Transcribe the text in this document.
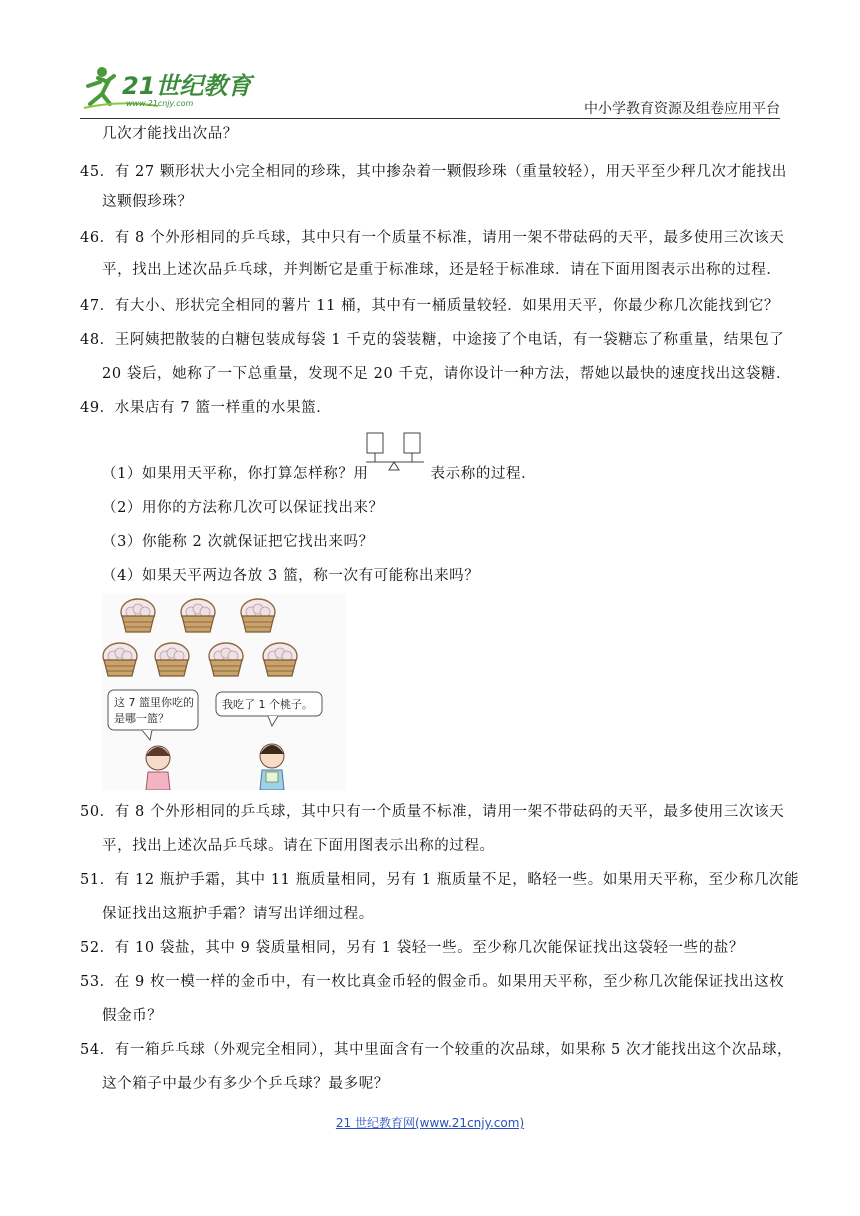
21世纪教育
www.21cnjy.com	中小学教育资源及组卷应用平台
几次才能找出次品？
45．有 27 颗形状大小完全相同的珍珠，其中掺杂着一颗假珍珠（重量较轻），用天平至少秤几次才能找出
这颗假珍珠？
46．有 8 个外形相同的乒乓球，其中只有一个质量不标准，请用一架不带砝码的天平，最多使用三次该天
平，找出上述次品乒乓球，并判断它是重于标准球，还是轻于标准球．请在下面用图表示出称的过程．
47．有大小、形状完全相同的薯片 11 桶，其中有一桶质量较轻．如果用天平，你最少称几次能找到它？
48．王阿姨把散装的白糖包装成每袋 1 千克的袋装糖，中途接了个电话，有一袋糖忘了称重量，结果包了
20 袋后，她称了一下总重量，发现不足 20 千克，请你设计一种方法，帮她以最快的速度找出这袋糖．
49．水果店有 7 篮一样重的水果篮．
（1）如果用天平称，你打算怎样称？用	表示称的过程．
（2）用你的方法称几次可以保证找出来？
（3）你能称 2 次就保证把它找出来吗？
（4）如果天平两边各放 3 篮，称一次有可能称出来吗？
这 7 篮里你吃的
是哪一篮？
我吃了 1 个桃子。
50．有 8 个外形相同的乒乓球，其中只有一个质量不标准，请用一架不带砝码的天平，最多使用三次该天
平，找出上述次品乒乓球。请在下面用图表示出称的过程。
51．有 12 瓶护手霜，其中 11 瓶质量相同，另有 1 瓶质量不足，略轻一些。如果用天平称，至少称几次能
保证找出这瓶护手霜？请写出详细过程。
52．有 10 袋盐，其中 9 袋质量相同，另有 1 袋轻一些。至少称几次能保证找出这袋轻一些的盐？
53．在 9 枚一模一样的金币中，有一枚比真金币轻的假金币。如果用天平称，至少称几次能保证找出这枚
假金币？
54．有一箱乒乓球（外观完全相同），其中里面含有一个较重的次品球，如果称 5 次才能找出这个次品球，
这个箱子中最少有多少个乒乓球？最多呢？
21 世纪教育网(www.21cnjy.com)
